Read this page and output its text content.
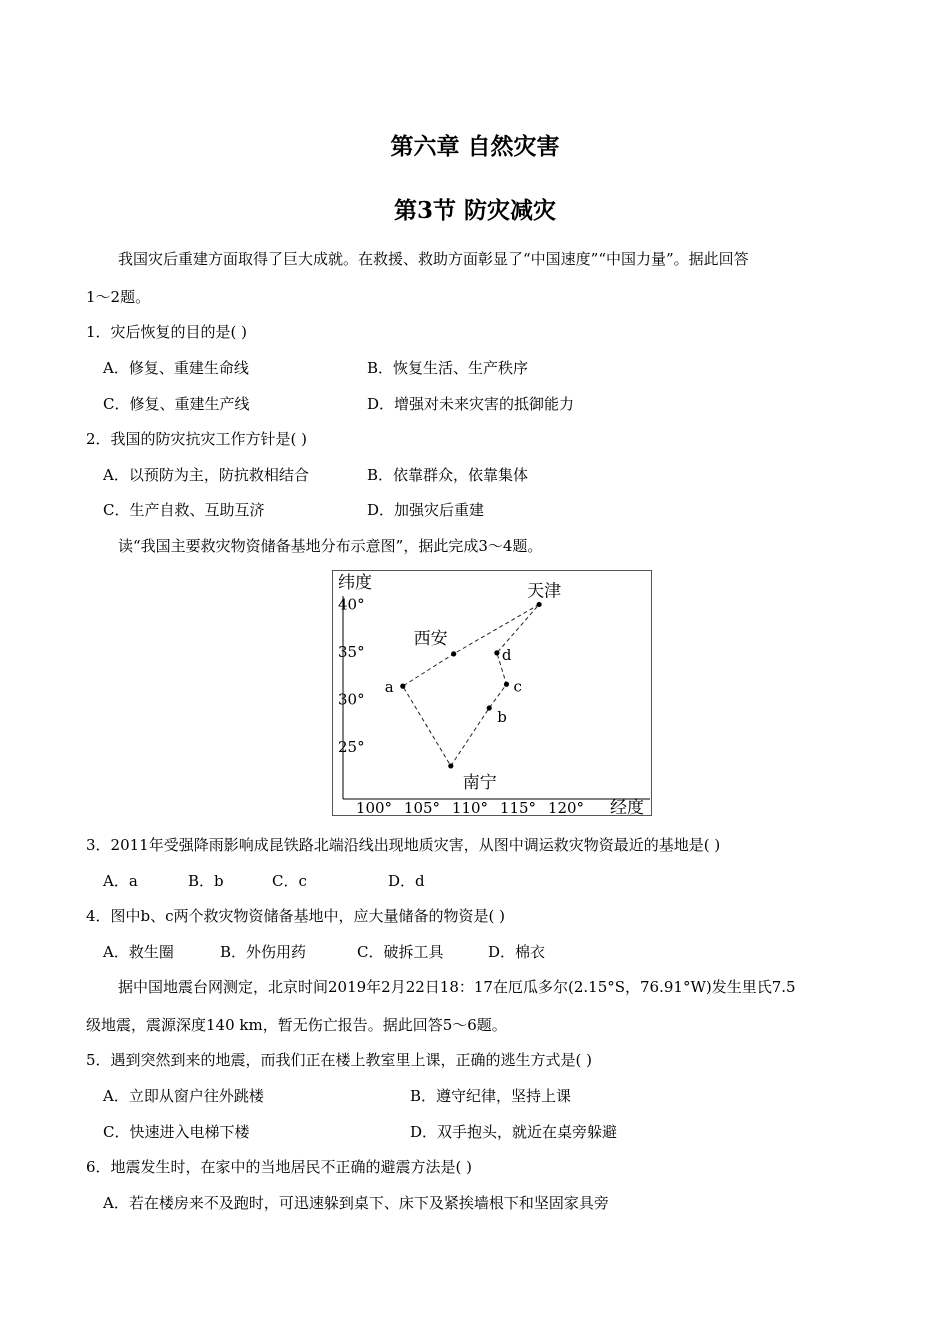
第六章 自然灾害
第3节 防灾减灾
我国灾后重建方面取得了巨大成就。在救援、救助方面彰显了“中国速度”“中国力量”。据此回答
1～2题。
1．灾后恢复的目的是( )
A．修复、重建生命线	B．恢复生活、生产秩序
C．修复、重建生产线	D．增强对未来灾害的抵御能力
2．我国的防灾抗灾工作方针是( )
A．以预防为主，防抗救相结合	B．依靠群众，依靠集体
C．生产自救、互助互济	D．加强灾后重建
读“我国主要救灾物资储备基地分布示意图”，据此完成3～4题。
纬度
经度
40°
35°
30°
25°
100° 105° 110° 115° 120°
天津
西安
a
南宁
b
c
d
3．2011年受强降雨影响成昆铁路北端沿线出现地质灾害，从图中调运救灾物资最近的基地是( )
A．a	B．b	C．c	D．d
4．图中b、c两个救灾物资储备基地中，应大量储备的物资是( )
A．救生圈	B．外伤用药	C．破拆工具	D．棉衣
据中国地震台网测定，北京时间2019年2月22日18：17在厄瓜多尔(2.15°S，76.91°W)发生里氏7.5
级地震，震源深度140 km，暂无伤亡报告。据此回答5～6题。
5．遇到突然到来的地震，而我们正在楼上教室里上课，正确的逃生方式是( )
A．立即从窗户往外跳楼	B．遵守纪律，坚持上课
C．快速进入电梯下楼	D．双手抱头，就近在桌旁躲避
6．地震发生时，在家中的当地居民不正确的避震方法是( )
A．若在楼房来不及跑时，可迅速躲到桌下、床下及紧挨墙根下和坚固家具旁
